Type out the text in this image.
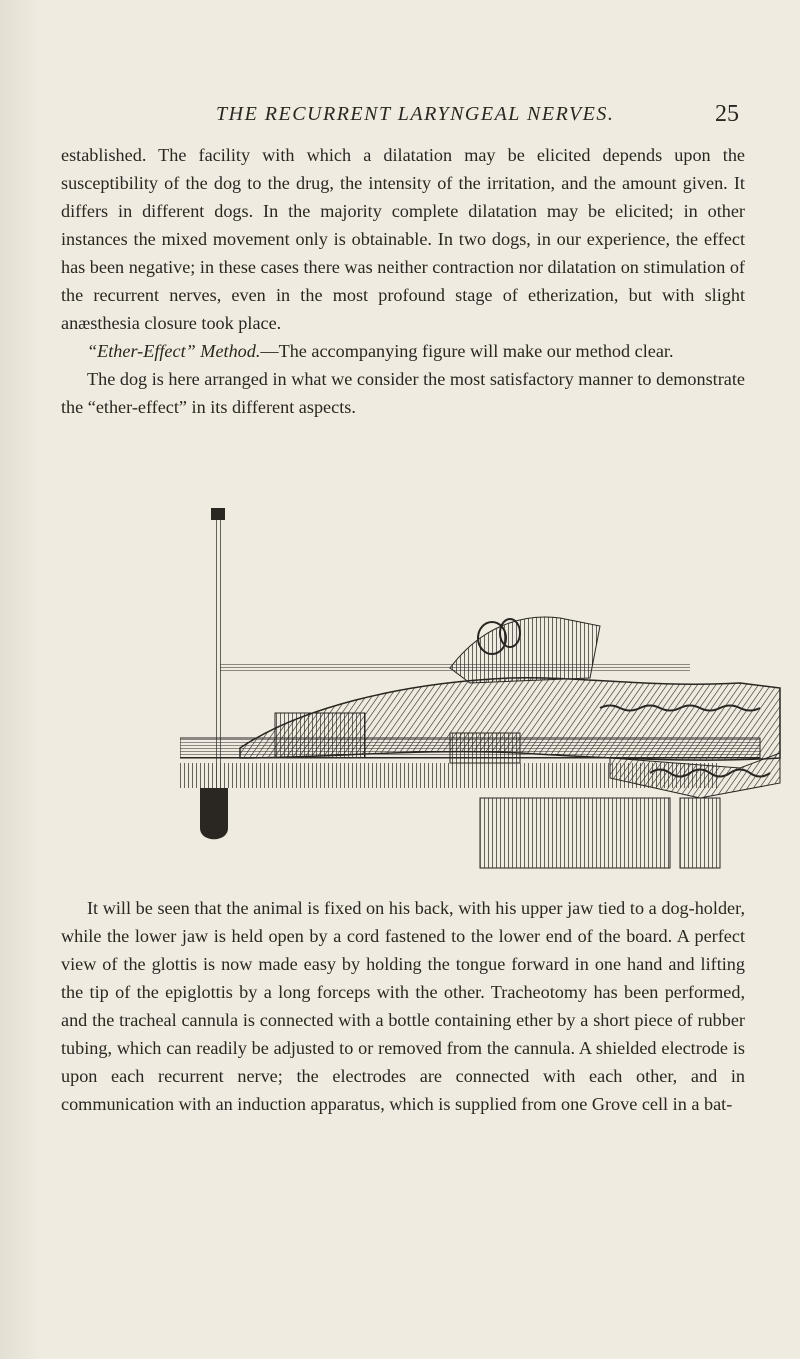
THE RECURRENT LARYNGEAL NERVES.	25

established. The facility with which a dilatation may be elicited depends upon the susceptibility of the dog to the drug, the intensity of the irritation, and the amount given. It differs in different dogs. In the majority complete dilatation may be elicited; in other instances the mixed movement only is obtainable. In two dogs, in our experience, the effect has been negative; in these cases there was neither contraction nor dilatation on stimulation of the recurrent nerves, even in the most profound stage of etherization, but with slight anæsthesia closure took place.

“Ether-Effect” Method.—The accompanying figure will make our method clear.

The dog is here arranged in what we consider the most satisfactory manner to demonstrate the “ether-effect” in its different aspects.

It will be seen that the animal is fixed on his back, with his upper jaw tied to a dog-holder, while the lower jaw is held open by a cord fastened to the lower end of the board. A perfect view of the glottis is now made easy by holding the tongue forward in one hand and lifting the tip of the epiglottis by a long forceps with the other. Tracheotomy has been performed, and the tracheal cannula is connected with a bottle containing ether by a short piece of rubber tubing, which can readily be adjusted to or removed from the cannula. A shielded electrode is upon each recurrent nerve; the electrodes are connected with each other, and in communication with an induction apparatus, which is supplied from one Grove cell in a bat-
